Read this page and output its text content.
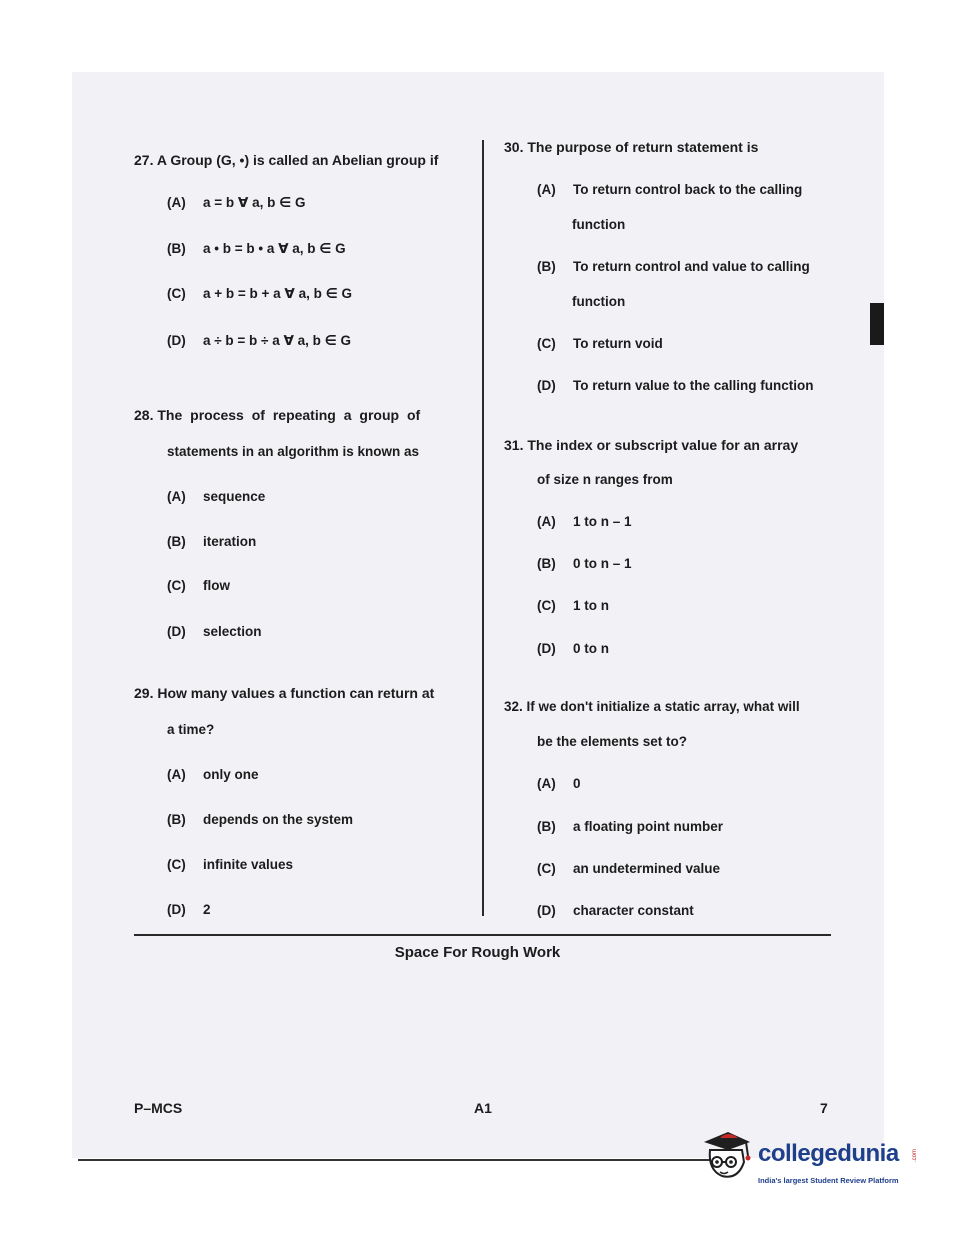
27. A Group (G, •) is called an Abelian group if
(A) a = b ∀ a, b ∈ G
(B) a • b = b • a ∀ a, b ∈ G
(C) a + b = b + a ∀ a, b ∈ G
(D) a ÷ b = b ÷ a ∀ a, b ∈ G
28. The process of repeating a group of
statements in an algorithm is known as
(A) sequence
(B) iteration
(C) flow
(D) selection
29. How many values a function can return at
a time?
(A) only one
(B) depends on the system
(C) infinite values
(D) 2
30. The purpose of return statement is
(A) To return control back to the calling
function
(B) To return control and value to calling
function
(C) To return void
(D) To return value to the calling function
31. The index or subscript value for an array
of size n ranges from
(A) 1 to n – 1
(B) 0 to n – 1
(C) 1 to n
(D) 0 to n
32. If we don't initialize a static array, what will
be the elements set to?
(A) 0
(B) a floating point number
(C) an undetermined value
(D) character constant
Space For Rough Work
P–MCS	A1	7
collegedunia .com
India's largest Student Review Platform
